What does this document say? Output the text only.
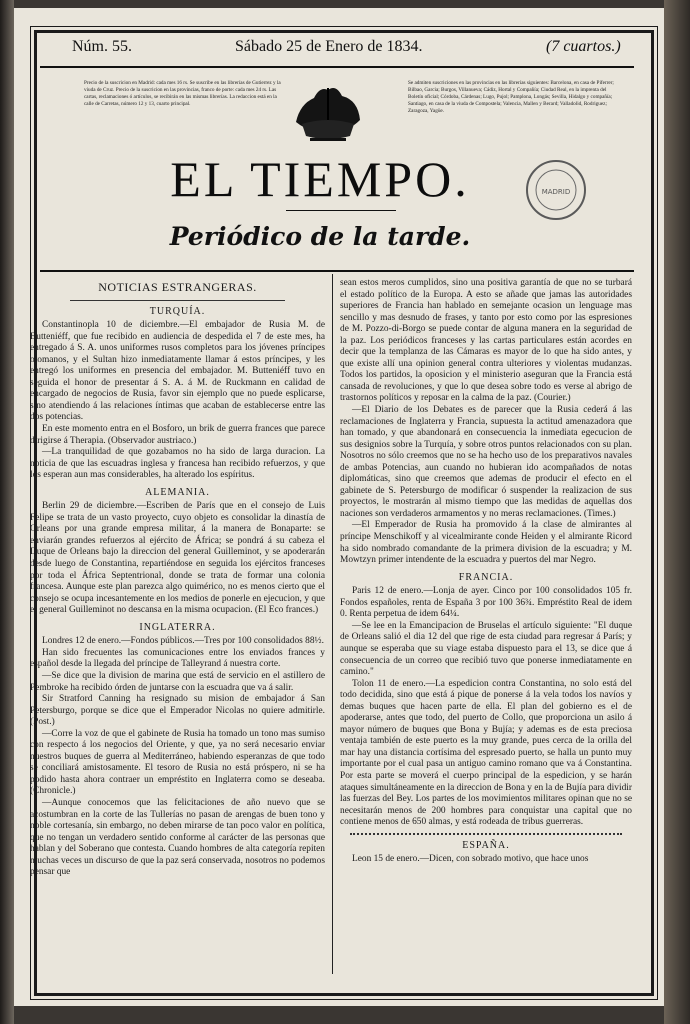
Núm. 55.	Sábado 25 de Enero de 1834.	(7 cuartos.)
Precio de la suscricion en Madrid: cada mes 16 rs. Se suscribe en las librerías de Gutierrez y la viuda de Cruz. Precio de la suscricion en las provincias, franco de porte: cada mes 24 rs. Las cartas, reclamaciones ó artículos, se recibirán en las mismas librerías. La redaccion está en la calle de Carretas, número 12 y 13, cuarto principal.
Se admiten suscriciones en las provincias en las librerías siguientes: Barcelona, en casa de Piferrer; Bilbao, Garcia; Burgos, Villanueva; Cádiz, Hortal y Compañía; Ciudad Real, en la imprenta del Boletín oficial; Córdoba, Cárdenas; Lugo, Pujol; Pamplona, Longás; Sevilla, Hidalgo y compañía; Santiago, en casa de la viuda de Compostela; Valencia, Mallen y Berard; Valladolid, Rodriguez; Zaragoza, Yagüe.
EL TIEMPO.
Periódico de la tarde.
MADRID
NOTICIAS ESTRANGERAS.
TURQUÍA.

Constantinopla 10 de diciembre.—El embajador de Rusia M. de Butteniéff, que fue recibido en audiencia de despedida el 7 de este mes, ha entregado á S. A. unos uniformes rusos completos para los jóvenes príncipes otomanos, y el Sultan hizo inmediatamente llamar á estos príncipes, y les entregó los uniformes en presencia del embajador. M. Butteniéff tuvo en seguida el honor de presentar á S. A. á M. de Ruckmann en calidad de encargado de negocios de Rusia, favor sin ejemplo que no puede esplicarse, sino atendiendo á las relaciones íntimas que acaban de establecerse entre las dos potencias.

En este momento entra en el Bosforo, un brik de guerra frances que parece dirigirse á Therapia. (Observador austriaco.)

—La tranquilidad de que gozabamos no ha sido de larga duracion. La noticia de que las escuadras inglesa y francesa han recibido refuerzos, y que los esperan aun mas considerables, ha alterado los espíritus.

ALEMANIA.

Berlin 29 de diciembre.—Escriben de París que en el consejo de Luis Felipe se trata de un vasto proyecto, cuyo objeto es consolidar la dinastía de Orleans por una grande empresa militar, á la manera de Bonaparte: se enviarán grandes refuerzos al ejército de África; se pondrá á su cabeza el Duque de Orleans bajo la direccion del general Guilleminot, y se apoderarán desde luego de Constantina, repartiéndose en seguida los ejércitos franceses por toda el África Septentrional, donde se trata de formar una colonia francesa. Aunque este plan parezca algo quimérico, no es menos cierto que el consejo se ocupa incesantemente en los medios de ponerle en ejecucion, y que el general Guilleminot no descansa en la misma ocupacion. (El Eco frances.)

INGLATERRA.

Londres 12 de enero.—Fondos públicos.—Tres por 100 consolidados 88½.

Han sido frecuentes las comunicaciones entre los enviados frances y español desde la llegada del príncipe de Talleyrand á nuestra corte.

—Se dice que la division de marina que está de servicio en el astillero de Pembroke ha recibido órden de juntarse con la escuadra que va á salir.

Sir Stratford Canning ha resignado su mision de embajador á San Petersburgo, porque se dice que el Emperador Nicolas no quiere admitirle. (Post.)

—Corre la voz de que el gabinete de Rusia ha tomado un tono mas sumiso con respecto á los negocios del Oriente, y que, ya no será necesario enviar nuestros buques de guerra al Mediterráneo, habiendo esperanzas de que todo se conciliará amistosamente. El tesoro de Rusia no está próspero, ni se ha podido hasta ahora contraer un empréstito en Inglaterra como se deseaba. (Chronicle.)

—Aunque conocemos que las felicitaciones de año nuevo que se acostumbran en la corte de las Tullerías no pasan de arengas de buen tono y noble cortesanía, sin embargo, no deben mirarse de tan poco valor en política, que no tengan un verdadero sentido conforme al carácter de las personas que hablan y del Soberano que contesta. Cuando hombres de alta categoría repiten muchas veces un discurso de que la paz será conservada, nosotros no podemos pensar que

sean estos meros cumplidos, sino una positiva garantía de que no se turbará el estado político de la Europa. A esto se añade que jamas las autoridades superiores de Francia han hablado en semejante ocasion un lenguage mas sencillo y mas desnudo de frases, y tanto por esto como por las espresiones de M. Pozzo-di-Borgo se puede contar de alguna manera en la seguridad de la paz. Los periódicos franceses y las cartas particulares están acordes en decir que la templanza de las Cámaras es mayor de lo que ha sido antes, y que existe allí una opinion general contra ulteriores y violentas mudanzas. Todos los partidos, la oposicion y el ministerio aseguran que la Francia está cansada de revoluciones, y que lo que desea sobre todo es verse al abrigo de trastornos políticos y reposar en la calma de la paz. (Courier.)

—El Diario de los Debates es de parecer que la Rusia cederá á las reclamaciones de Inglaterra y Francia, supuesta la actitud amenazadora que han tomado, y que abandonará en consecuencia la inmediata egecucion de sus designios sobre la Turquía, y sobre otros puntos relacionados con su plan. Nosotros no sólo creemos que no se ha hecho uso de los preparativos navales de ambas Potencias, aun cuando no hubieran ido acompañados de notas diplomáticas, sino que creemos que ademas de producir el efecto en el gabinete de S. Petersburgo de modificar ó suspender la realizacion de sus proyectos, le mostrarán al mismo tiempo que las medidas de aquellas dos naciones son verdaderos armamentos y no meras reclamaciones. (Times.)

—El Emperador de Rusia ha promovido á la clase de almirantes al príncipe Menschikoff y al vicealmirante conde Heiden y el almirante Ricord ha sido nombrado comandante de la primera division de la escuadra; y M. Mowtzyn primer intendente de la escuadra y puertos del mar Negro.

FRANCIA.

Paris 12 de enero.—Lonja de ayer. Cinco por 100 consolidados 105 fr. Fondos españoles, renta de España 3 por 100 36¾. Empréstito Real de idem 0. Renta perpetua de idem 64¼.

—Se lee en la Emancipacion de Bruselas el artículo siguiente: "El duque de Orleans salió el dia 12 del que rige de esta ciudad para regresar á París; y aunque se esperaba que su viage estaba dispuesto para el 13, se dice que á consecuencia de un correo que recibió tuvo que ponerse inmediatamente en camino."

Tolon 11 de enero.—La espedicion contra Constantina, no solo está del todo decidida, sino que está á pique de ponerse á la vela todos los navíos y demas buques que hacen parte de ella. El plan del gobierno es el de apoderarse, antes que todo, del puerto de Collo, que proporciona un asilo á mayor número de buques que Bona y Bujía; y ademas es de esta preciosa ventaja también de este puerto es la muy grande, pues cerca de la orilla del mar hay una distancia cortísima del espresado puerto, se halla un punto muy importante por el cual pasa un antiguo camino romano que va á Constantina. Por esta parte se moverá el cuerpo principal de la espedicion, y se harán ataques simultáneamente en la direccion de Bona y en la de Bujía para dividir las fuerzas del Bey. Los partes de los movimientos militares opinan que no se necesitarán menos de 200 hombres para conquistar una capital que no contiene menos de 650 almas, y está rodeada de tribus guerreras.

ESPAÑA.

Leon 15 de enero.—Dicen, con sobrado motivo, que hace unos
